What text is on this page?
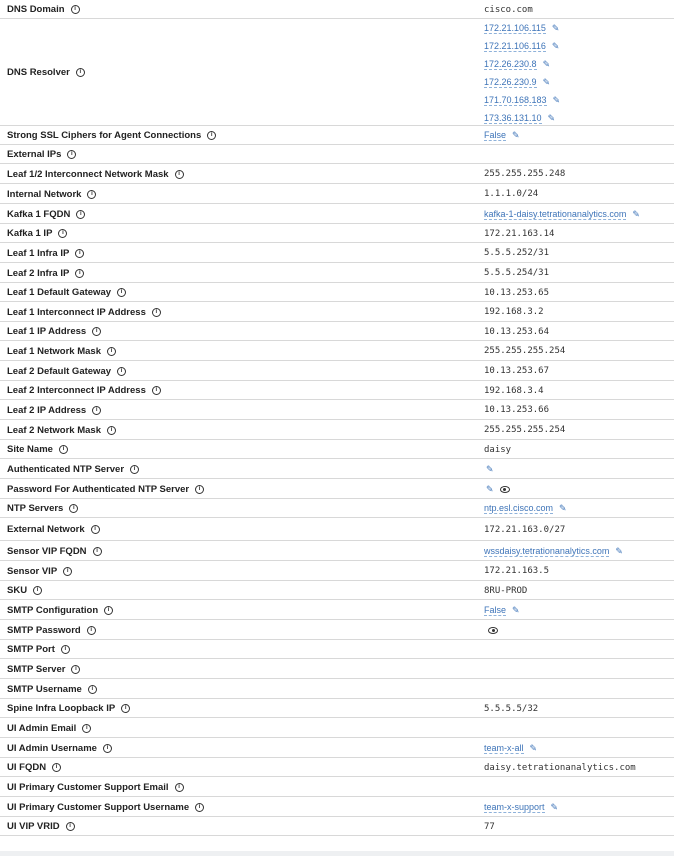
DNS Domain	i	cisco.com
DNS Resolver	i
172.21.106.115 ✎
172.21.106.116 ✎
172.26.230.8 ✎
172.26.230.9 ✎
171.70.168.183 ✎
173.36.131.10 ✎
Strong SSL Ciphers for Agent Connections	i	False ✎
External IPs	i
Leaf 1/2 Interconnect Network Mask	i	255.255.255.248
Internal Network	i	1.1.1.0/24
Kafka 1 FQDN	i	kafka-1-daisy.tetrationanalytics.com ✎
Kafka 1 IP	i	172.21.163.14
Leaf 1 Infra IP	i	5.5.5.252/31
Leaf 2 Infra IP	i	5.5.5.254/31
Leaf 1 Default Gateway	i	10.13.253.65
Leaf 1 Interconnect IP Address	i	192.168.3.2
Leaf 1 IP Address	i	10.13.253.64
Leaf 1 Network Mask	i	255.255.255.254
Leaf 2 Default Gateway	i	10.13.253.67
Leaf 2 Interconnect IP Address	i	192.168.3.4
Leaf 2 IP Address	i	10.13.253.66
Leaf 2 Network Mask	i	255.255.255.254
Site Name	i	daisy
Authenticated NTP Server	i	✎
Password For Authenticated NTP Server	i	✎
NTP Servers	i	ntp.esl.cisco.com ✎
External Network	i	172.21.163.0/27
Sensor VIP FQDN	i	wssdaisy.tetrationanalytics.com ✎
Sensor VIP	i	172.21.163.5
SKU	i	8RU-PROD
SMTP Configuration	i	False ✎
SMTP Password	i
SMTP Port	i
SMTP Server	i
SMTP Username	i
Spine Infra Loopback IP	i	5.5.5.5/32
UI Admin Email	i
UI Admin Username	i	team-x-all ✎
UI FQDN	i	daisy.tetrationanalytics.com
UI Primary Customer Support Email	i
UI Primary Customer Support Username	i	team-x-support ✎
UI VIP VRID	i	77
